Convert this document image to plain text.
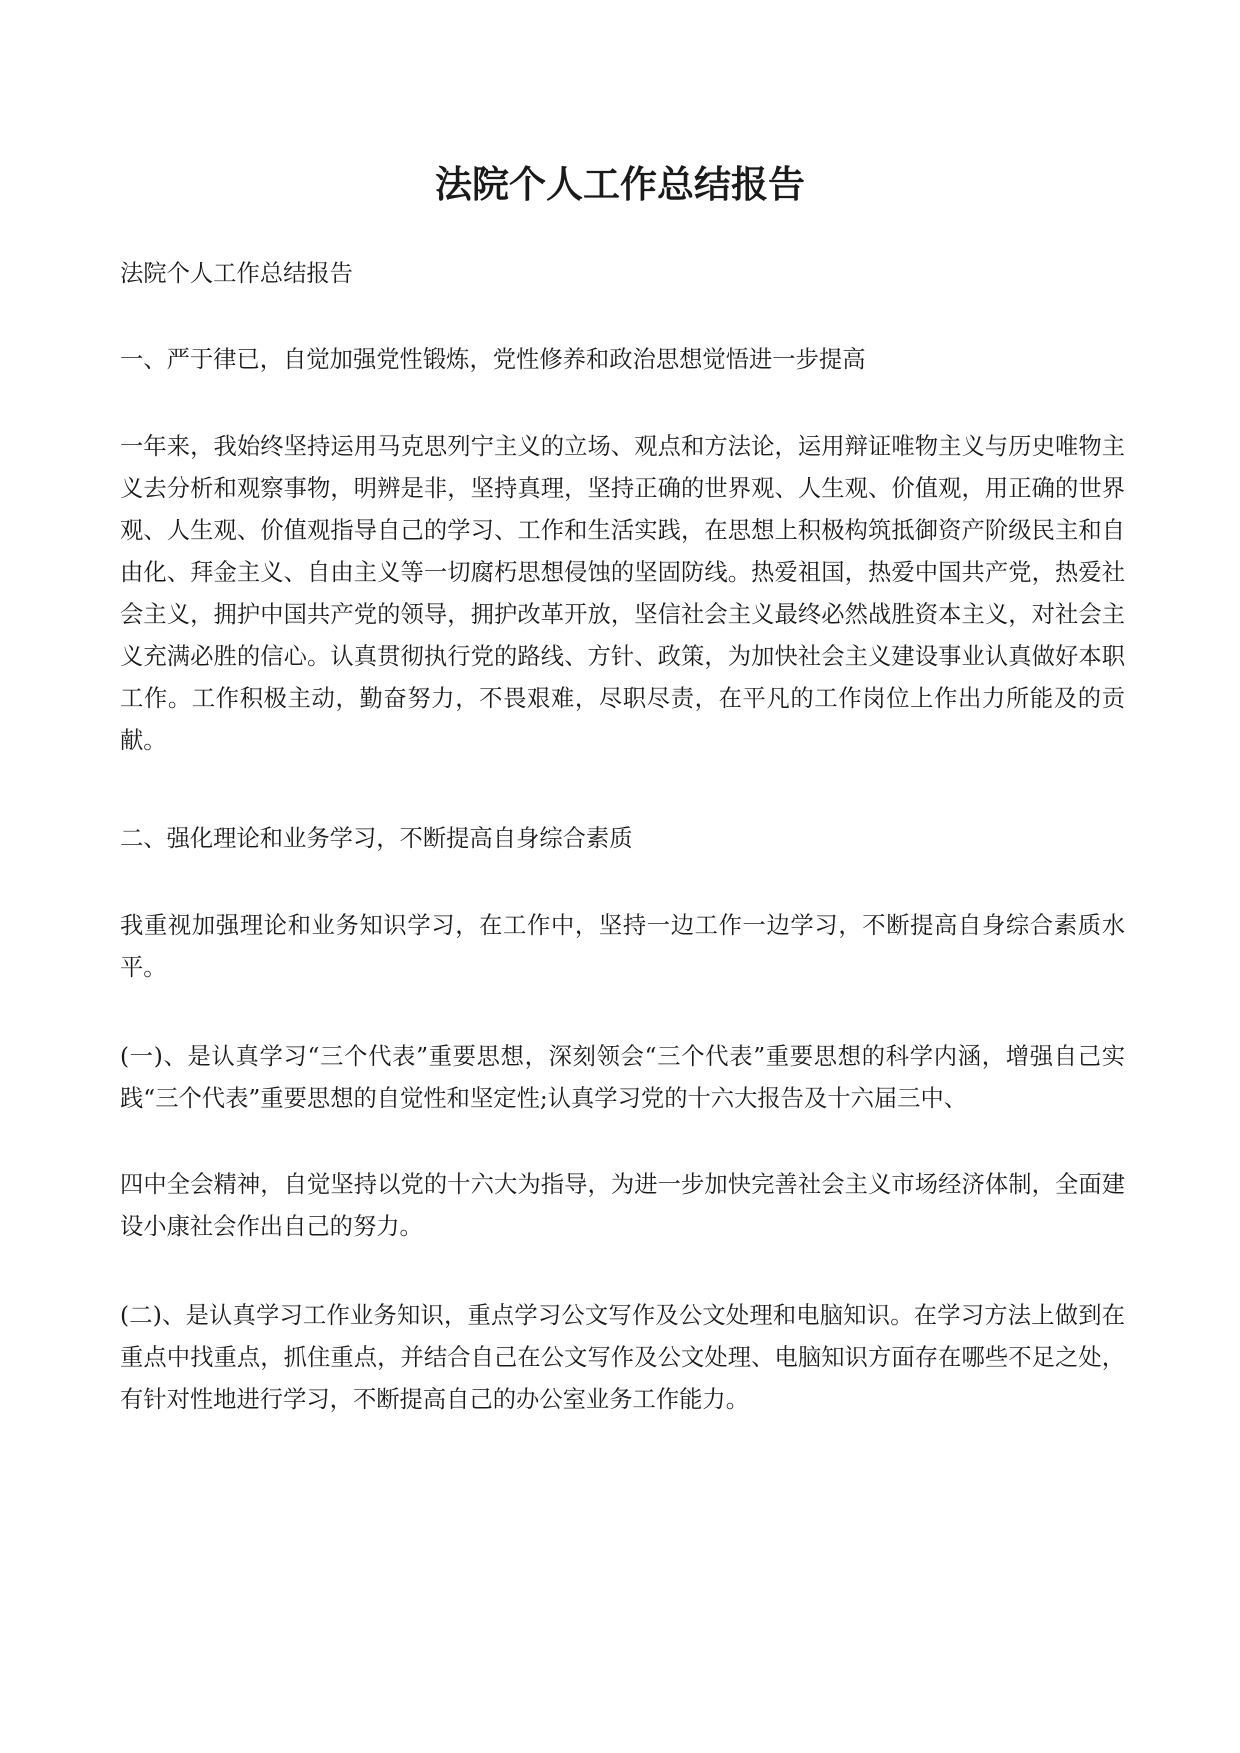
法院个人工作总结报告

法院个人工作总结报告

一、严于律已，自觉加强党性锻炼，党性修养和政治思想觉悟进一步提高

一年来，我始终坚持运用马克思列宁主义的立场、观点和方法论，运用辩证唯物主义与历史唯物主义去分析和观察事物，明辨是非，坚持真理，坚持正确的世界观、人生观、价值观，用正确的世界观、人生观、价值观指导自己的学习、工作和生活实践，在思想上积极构筑抵御资产阶级民主和自由化、拜金主义、自由主义等一切腐朽思想侵蚀的坚固防线。热爱祖国，热爱中国共产党，热爱社会主义，拥护中国共产党的领导，拥护改革开放，坚信社会主义最终必然战胜资本主义，对社会主义充满必胜的信心。认真贯彻执行党的路线、方针、政策，为加快社会主义建设事业认真做好本职工作。工作积极主动，勤奋努力，不畏艰难，尽职尽责，在平凡的工作岗位上作出力所能及的贡献。

二、强化理论和业务学习，不断提高自身综合素质

我重视加强理论和业务知识学习，在工作中，坚持一边工作一边学习，不断提高自身综合素质水平。

(一)、是认真学习“三个代表”重要思想，深刻领会“三个代表”重要思想的科学内涵，增强自己实践“三个代表”重要思想的自觉性和坚定性;认真学习党的十六大报告及十六届三中、

四中全会精神，自觉坚持以党的十六大为指导，为进一步加快完善社会主义市场经济体制，全面建设小康社会作出自己的努力。

(二)、是认真学习工作业务知识，重点学习公文写作及公文处理和电脑知识。在学习方法上做到在重点中找重点，抓住重点，并结合自己在公文写作及公文处理、电脑知识方面存在哪些不足之处，有针对性地进行学习，不断提高自己的办公室业务工作能力。
